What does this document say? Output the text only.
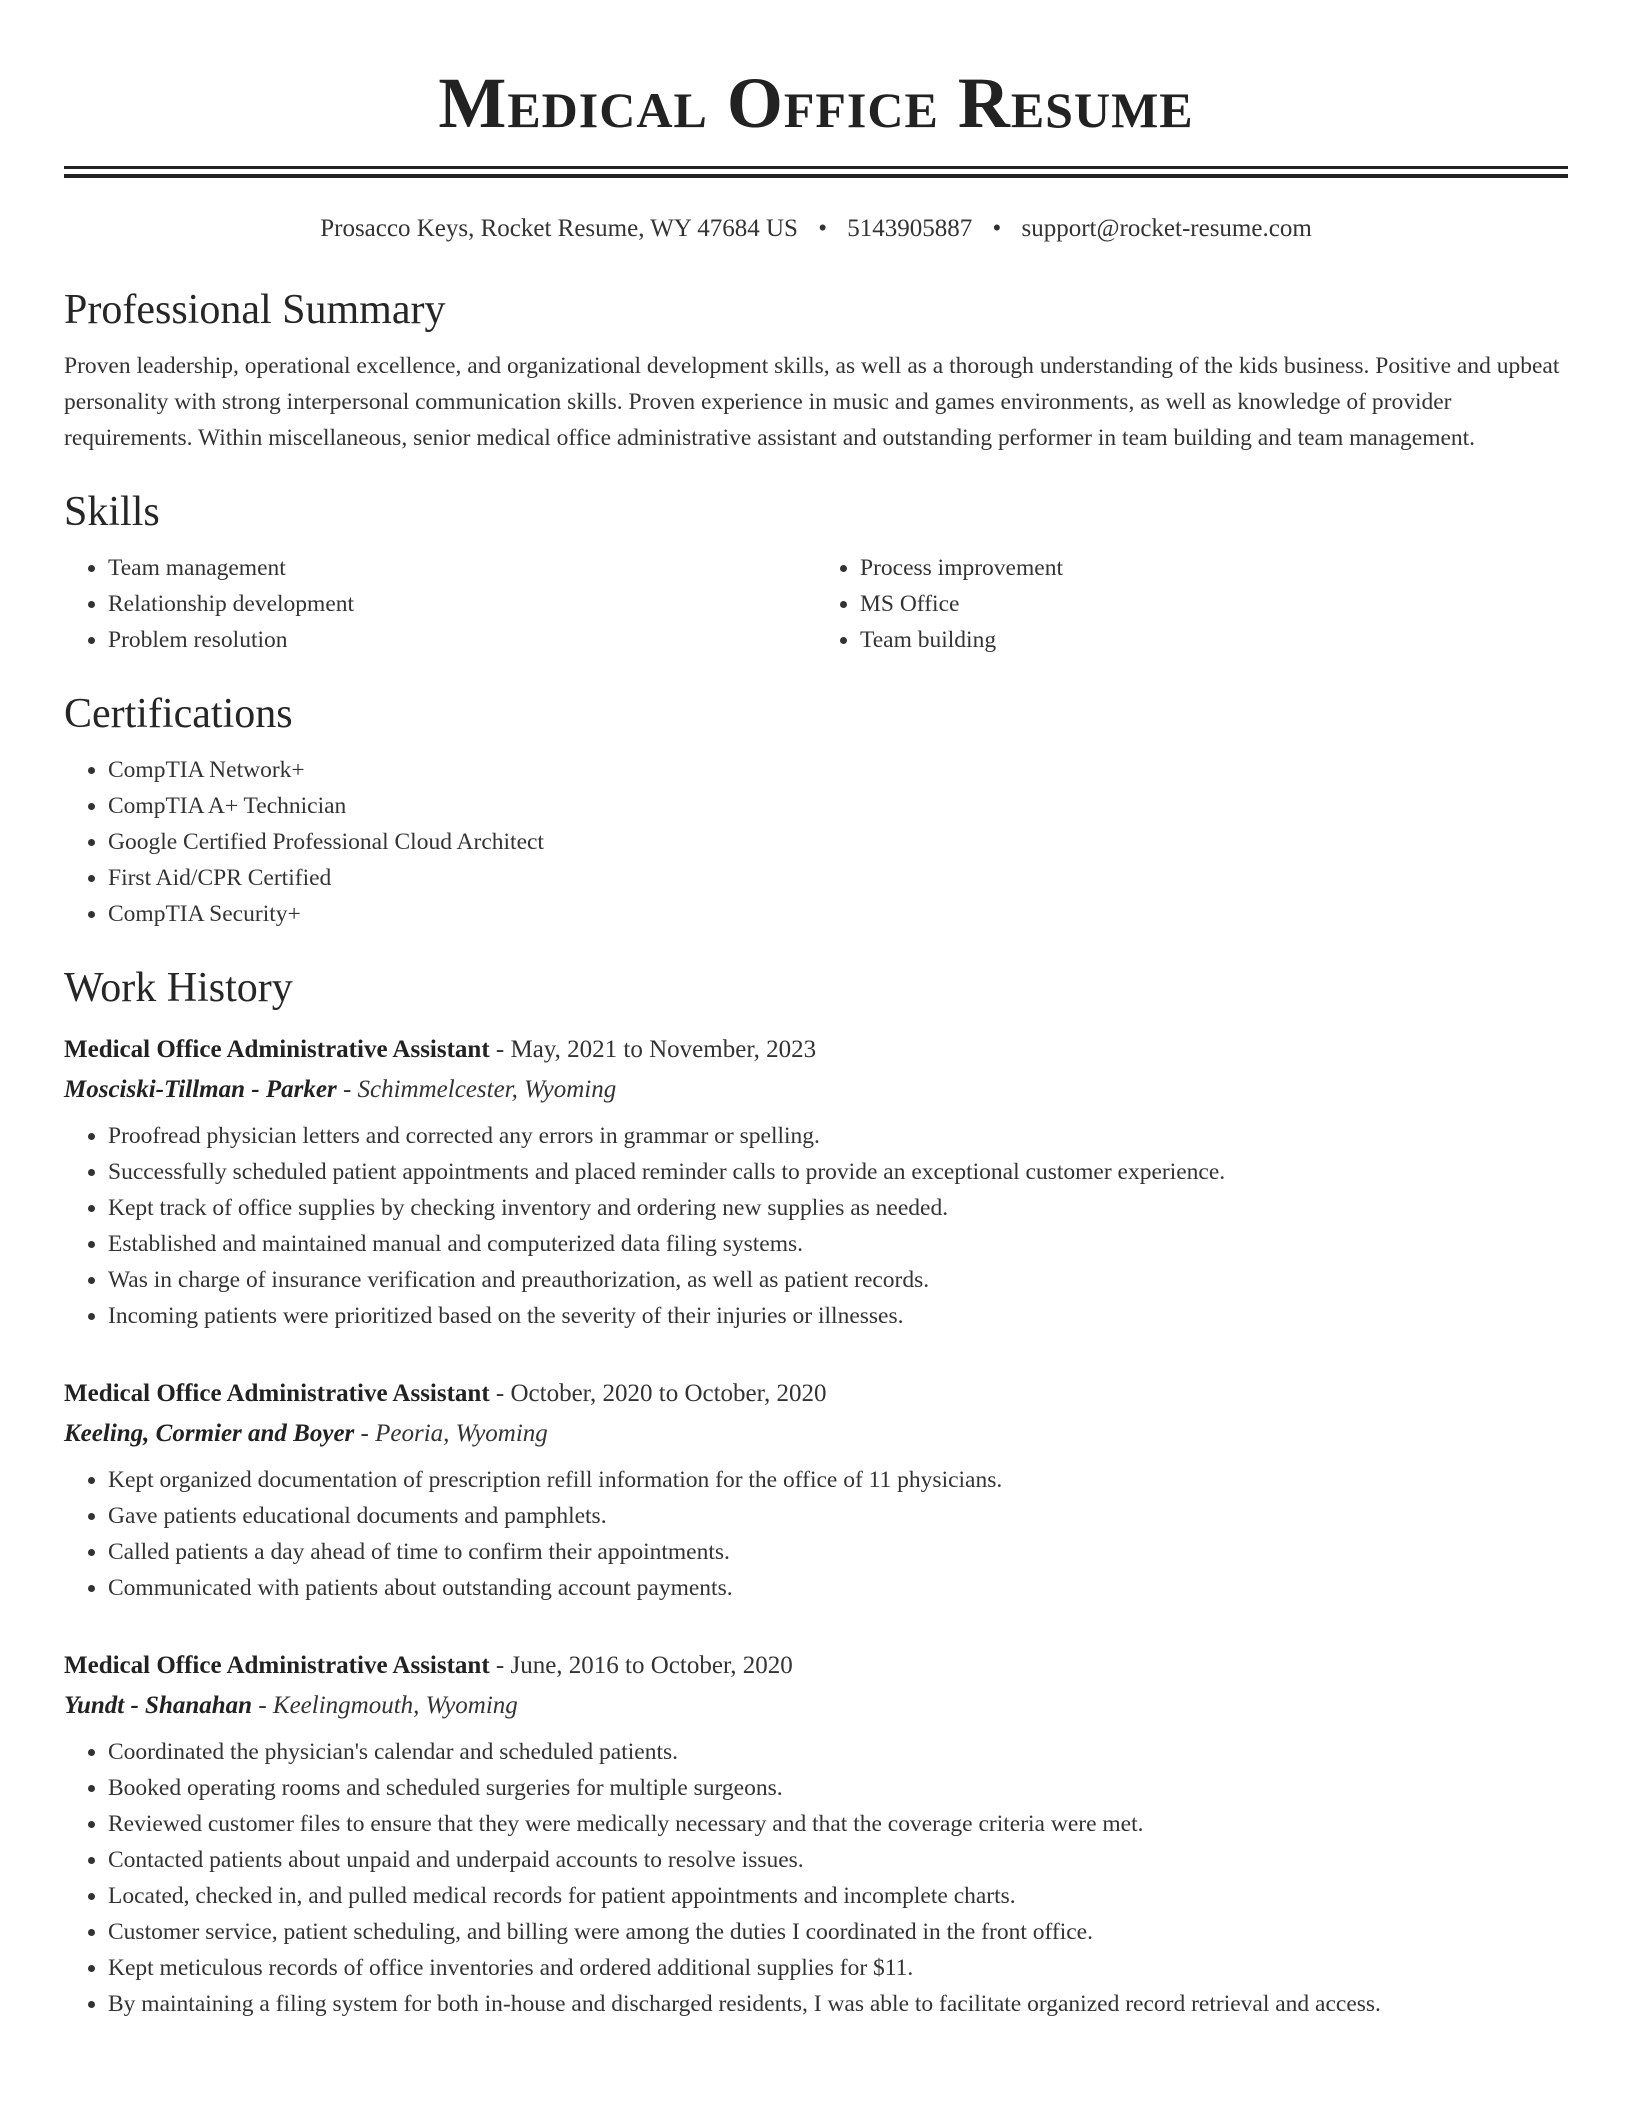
Medical Office Resume
Prosacco Keys, Rocket Resume, WY 47684 US • 5143905887 • support@rocket-resume.com
Professional Summary

Proven leadership, operational excellence, and organizational development skills, as well as a thorough understanding of the kids business. Positive and upbeat personality with strong interpersonal communication skills. Proven experience in music and games environments, as well as knowledge of provider requirements. Within miscellaneous, senior medical office administrative assistant and outstanding performer in team building and team management.

Skills
• Team management
• Relationship development
• Problem resolution
• Process improvement
• MS Office
• Team building
Certifications
• CompTIA Network+
• CompTIA A+ Technician
• Google Certified Professional Cloud Architect
• First Aid/CPR Certified
• CompTIA Security+
Work History
Medical Office Administrative Assistant - May, 2021 to November, 2023
Mosciski-Tillman - Parker - Schimmelcester, Wyoming
• Proofread physician letters and corrected any errors in grammar or spelling.
• Successfully scheduled patient appointments and placed reminder calls to provide an exceptional customer experience.
• Kept track of office supplies by checking inventory and ordering new supplies as needed.
• Established and maintained manual and computerized data filing systems.
• Was in charge of insurance verification and preauthorization, as well as patient records.
• Incoming patients were prioritized based on the severity of their injuries or illnesses.
Medical Office Administrative Assistant - October, 2020 to October, 2020
Keeling, Cormier and Boyer - Peoria, Wyoming
• Kept organized documentation of prescription refill information for the office of 11 physicians.
• Gave patients educational documents and pamphlets.
• Called patients a day ahead of time to confirm their appointments.
• Communicated with patients about outstanding account payments.
Medical Office Administrative Assistant - June, 2016 to October, 2020
Yundt - Shanahan - Keelingmouth, Wyoming
• Coordinated the physician's calendar and scheduled patients.
• Booked operating rooms and scheduled surgeries for multiple surgeons.
• Reviewed customer files to ensure that they were medically necessary and that the coverage criteria were met.
• Contacted patients about unpaid and underpaid accounts to resolve issues.
• Located, checked in, and pulled medical records for patient appointments and incomplete charts.
• Customer service, patient scheduling, and billing were among the duties I coordinated in the front office.
• Kept meticulous records of office inventories and ordered additional supplies for $11.
• By maintaining a filing system for both in-house and discharged residents, I was able to facilitate organized record retrieval and access.
